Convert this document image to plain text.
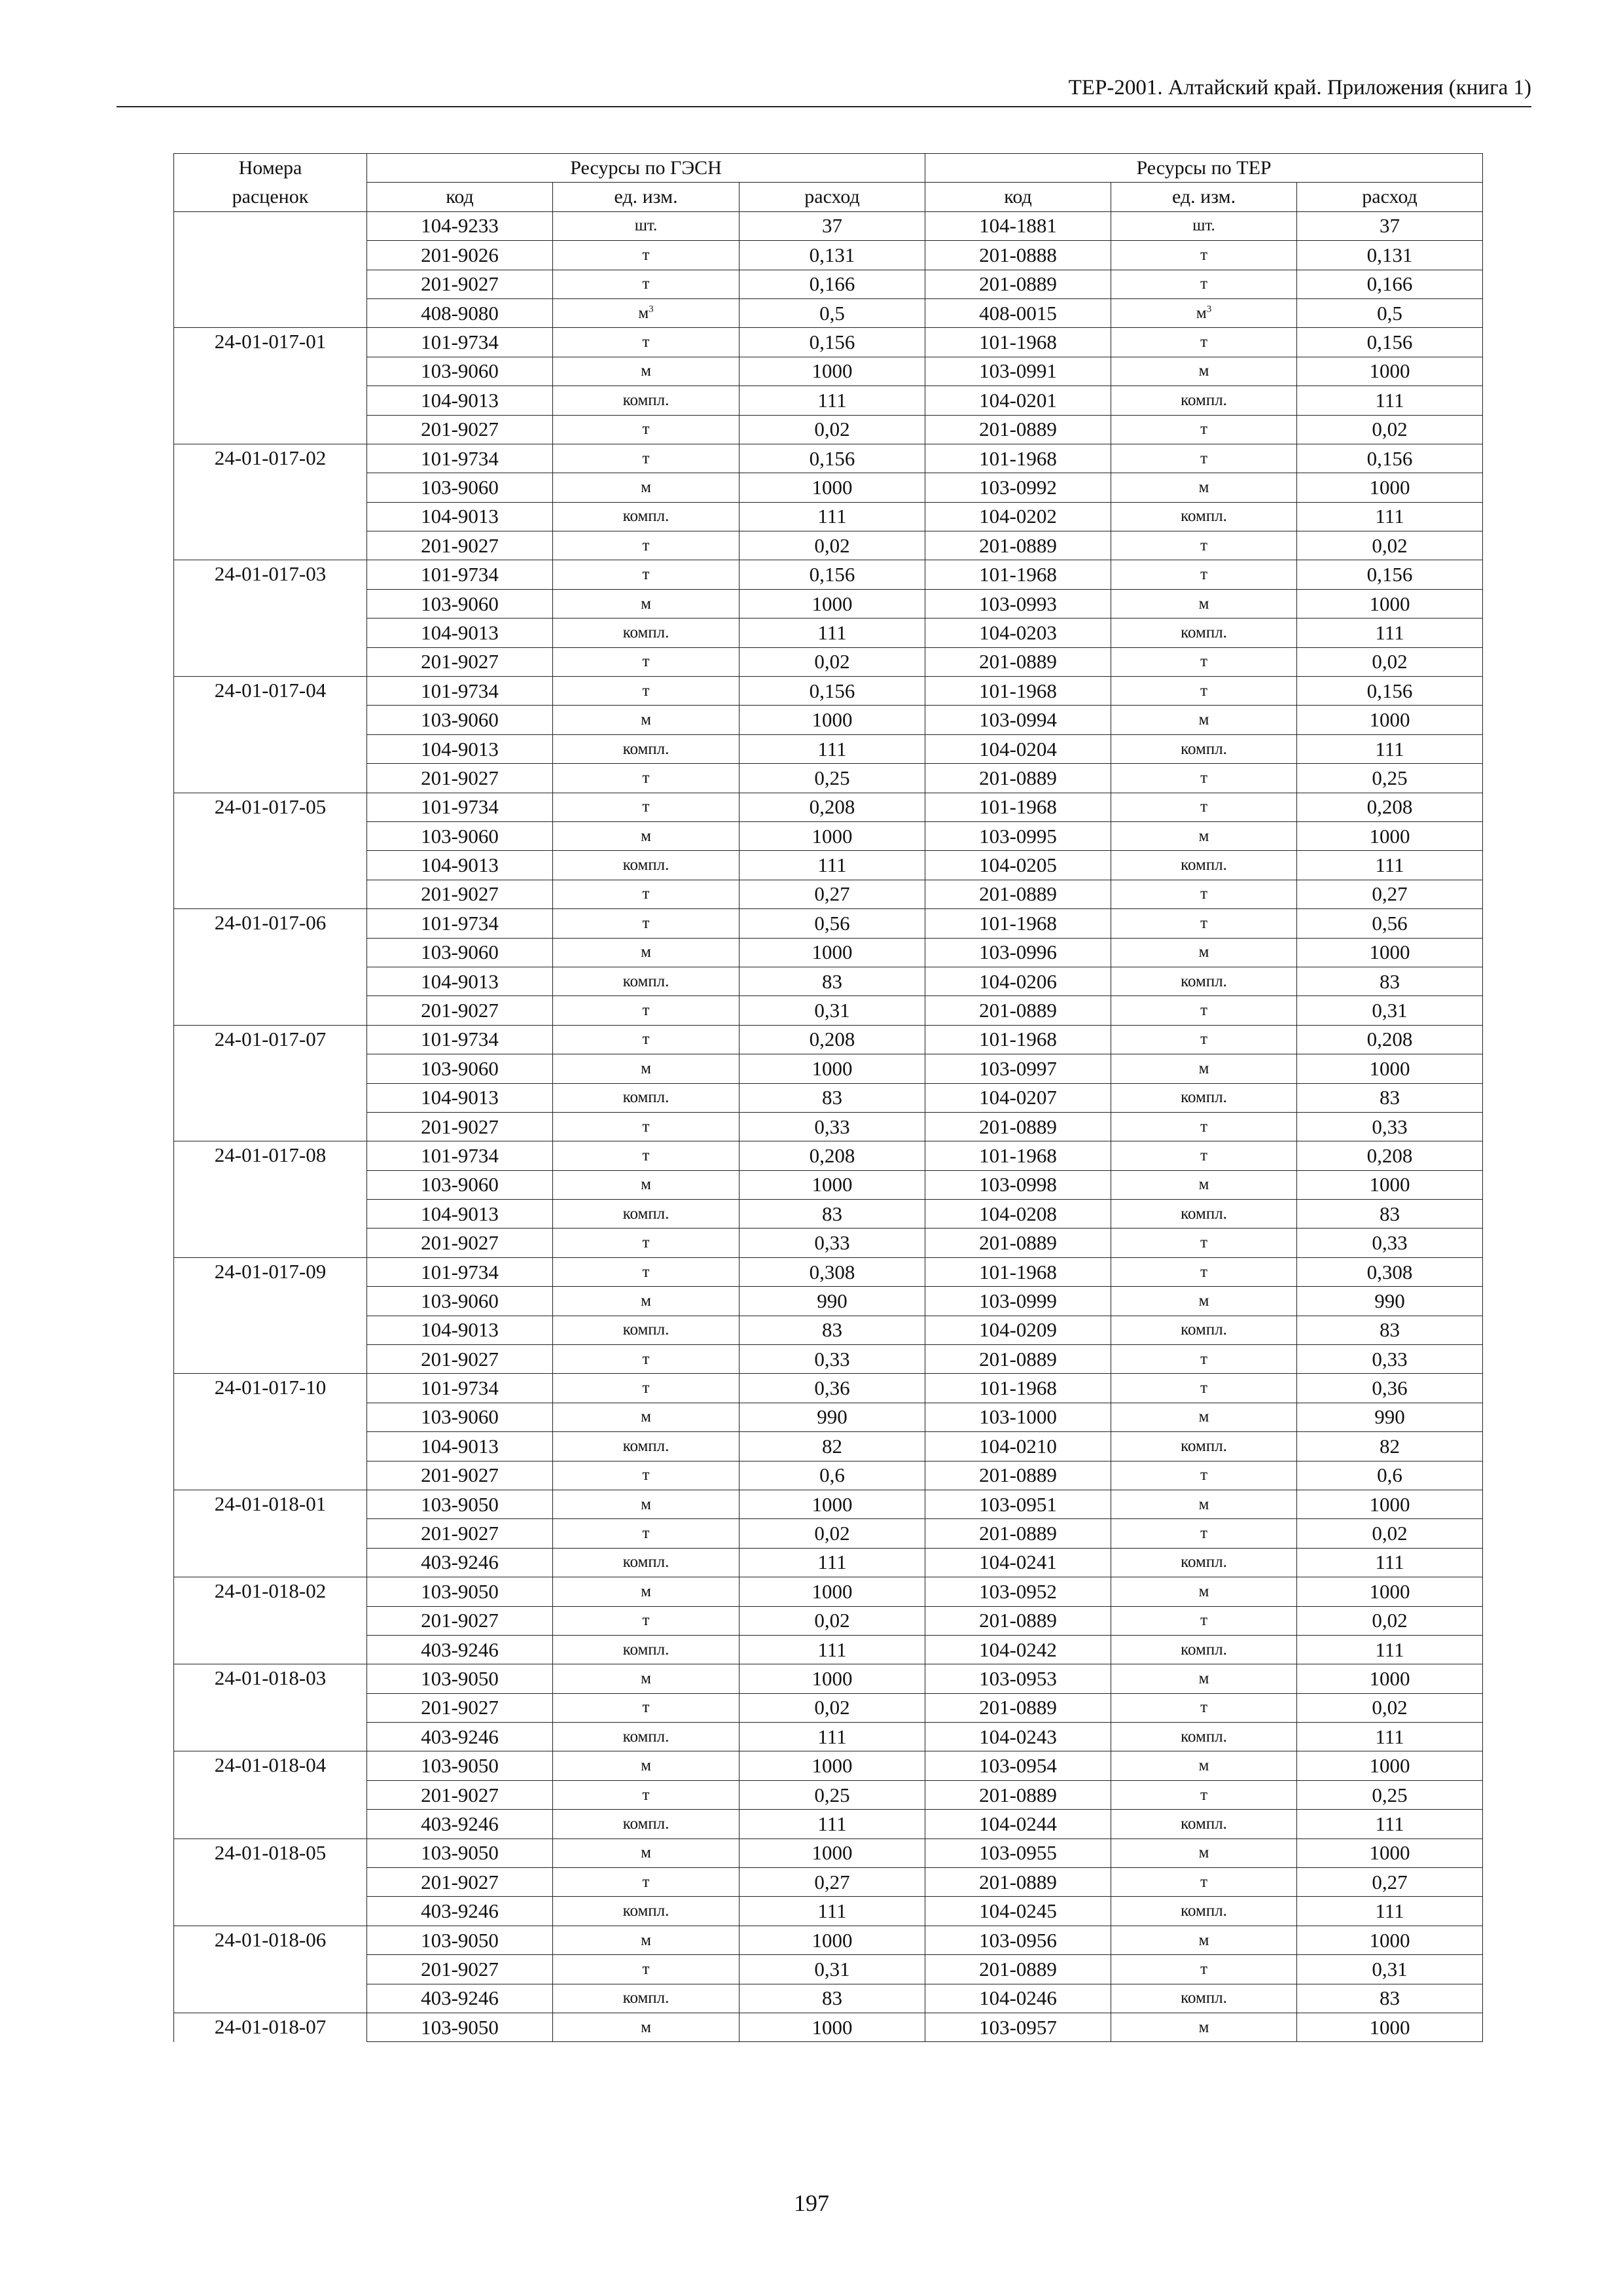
ТЕР-2001. Алтайский край. Приложения (книга 1)
Номера	Ресурсы по ГЭСН			Ресурсы по ТЕР		
расценок	код	ед. изм.	расход	код	ед. изм.	расход
	104-9233	шт.	37	104-1881	шт.	37
	201-9026	т	0,131	201-0888	т	0,131
	201-9027	т	0,166	201-0889	т	0,166
	408-9080	$м^3$	0,5	408-0015	$м^3$	0,5
24-01-017-01	101-9734	т	0,156	101-1968	т	0,156
	103-9060	м	1000	103-0991	м	1000
	104-9013	компл.	111	104-0201	компл.	111
	201-9027	т	0,02	201-0889	т	0,02
24-01-017-02	101-9734	т	0,156	101-1968	т	0,156
	103-9060	м	1000	103-0992	м	1000
	104-9013	компл.	111	104-0202	компл.	111
	201-9027	т	0,02	201-0889	т	0,02
24-01-017-03	101-9734	т	0,156	101-1968	т	0,156
	103-9060	м	1000	103-0993	м	1000
	104-9013	компл.	111	104-0203	компл.	111
	201-9027	т	0,02	201-0889	т	0,02
24-01-017-04	101-9734	т	0,156	101-1968	т	0,156
	103-9060	м	1000	103-0994	м	1000
	104-9013	компл.	111	104-0204	компл.	111
	201-9027	т	0,25	201-0889	т	0,25
24-01-017-05	101-9734	т	0,208	101-1968	т	0,208
	103-9060	м	1000	103-0995	м	1000
	104-9013	компл.	111	104-0205	компл.	111
	201-9027	т	0,27	201-0889	т	0,27
24-01-017-06	101-9734	т	0,56	101-1968	т	0,56
	103-9060	м	1000	103-0996	м	1000
	104-9013	компл.	83	104-0206	компл.	83
	201-9027	т	0,31	201-0889	т	0,31
24-01-017-07	101-9734	т	0,208	101-1968	т	0,208
	103-9060	м	1000	103-0997	м	1000
	104-9013	компл.	83	104-0207	компл.	83
	201-9027	т	0,33	201-0889	т	0,33
24-01-017-08	101-9734	т	0,208	101-1968	т	0,208
	103-9060	м	1000	103-0998	м	1000
	104-9013	компл.	83	104-0208	компл.	83
	201-9027	т	0,33	201-0889	т	0,33
24-01-017-09	101-9734	т	0,308	101-1968	т	0,308
	103-9060	м	990	103-0999	м	990
	104-9013	компл.	83	104-0209	компл.	83
	201-9027	т	0,33	201-0889	т	0,33
24-01-017-10	101-9734	т	0,36	101-1968	т	0,36
	103-9060	м	990	103-1000	м	990
	104-9013	компл.	82	104-0210	компл.	82
	201-9027	т	0,6	201-0889	т	0,6
24-01-018-01	103-9050	м	1000	103-0951	м	1000
	201-9027	т	0,02	201-0889	т	0,02
	403-9246	компл.	111	104-0241	компл.	111
24-01-018-02	103-9050	м	1000	103-0952	м	1000
	201-9027	т	0,02	201-0889	т	0,02
	403-9246	компл.	111	104-0242	компл.	111
24-01-018-03	103-9050	м	1000	103-0953	м	1000
	201-9027	т	0,02	201-0889	т	0,02
	403-9246	компл.	111	104-0243	компл.	111
24-01-018-04	103-9050	м	1000	103-0954	м	1000
	201-9027	т	0,25	201-0889	т	0,25
	403-9246	компл.	111	104-0244	компл.	111
24-01-018-05	103-9050	м	1000	103-0955	м	1000
	201-9027	т	0,27	201-0889	т	0,27
	403-9246	компл.	111	104-0245	компл.	111
24-01-018-06	103-9050	м	1000	103-0956	м	1000
	201-9027	т	0,31	201-0889	т	0,31
	403-9246	компл.	83	104-0246	компл.	83
24-01-018-07	103-9050	м	1000	103-0957	м	1000
197
